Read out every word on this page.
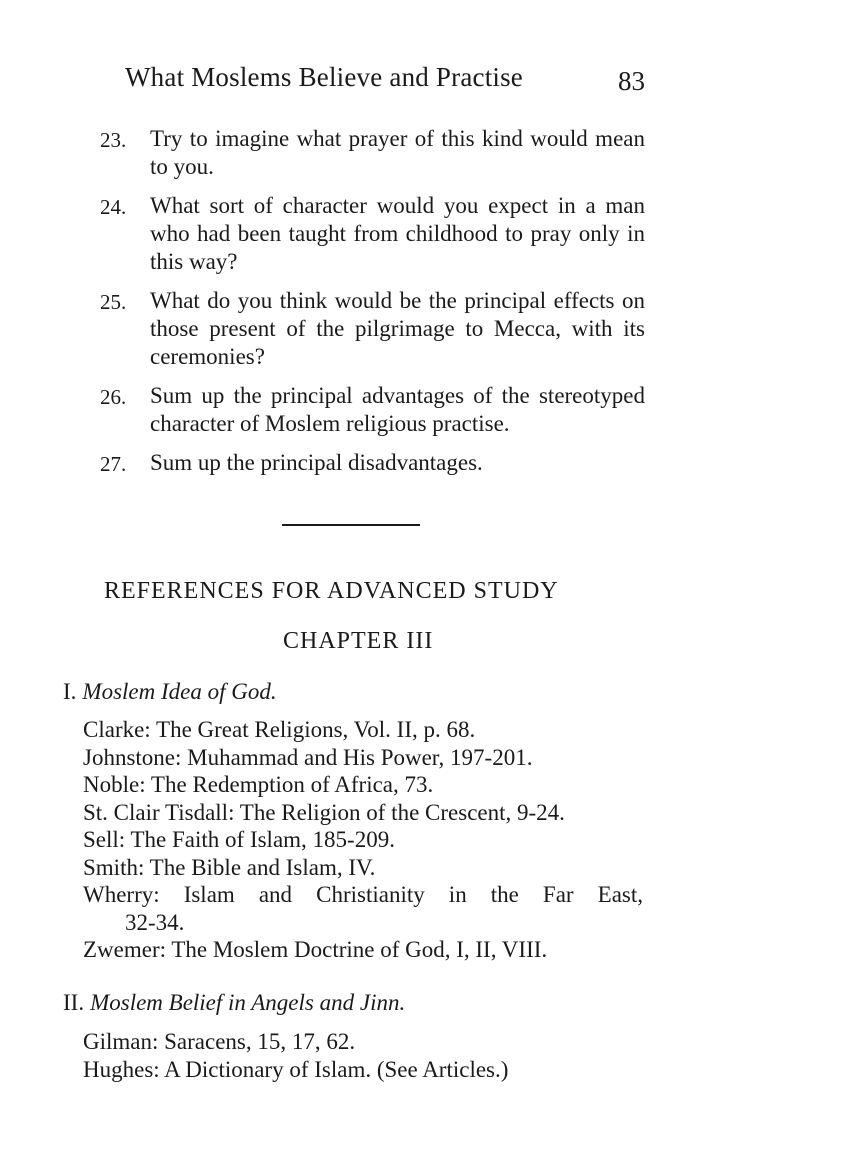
What Moslems Believe and Practise	83
23. Try to imagine what prayer of this kind would mean to you.
24. What sort of character would you expect in a man who had been taught from childhood to pray only in this way?
25. What do you think would be the principal effects on those present of the pilgrimage to Mecca, with its ceremonies?
26. Sum up the principal advantages of the stereotyped character of Moslem religious practise.
27. Sum up the principal disadvantages.
REFERENCES FOR ADVANCED STUDY
CHAPTER III
I. Moslem Idea of God.
Clarke: The Great Religions, Vol. II, p. 68.
Johnstone: Muhammad and His Power, 197-201.
Noble: The Redemption of Africa, 73.
St. Clair Tisdall: The Religion of the Crescent, 9-24.
Sell: The Faith of Islam, 185-209.
Smith: The Bible and Islam, IV.
Wherry: Islam and Christianity in the Far East,
32-34.
Zwemer: The Moslem Doctrine of God, I, II, VIII.
II. Moslem Belief in Angels and Jinn.
Gilman: Saracens, 15, 17, 62.
Hughes: A Dictionary of Islam. (See Articles.)
